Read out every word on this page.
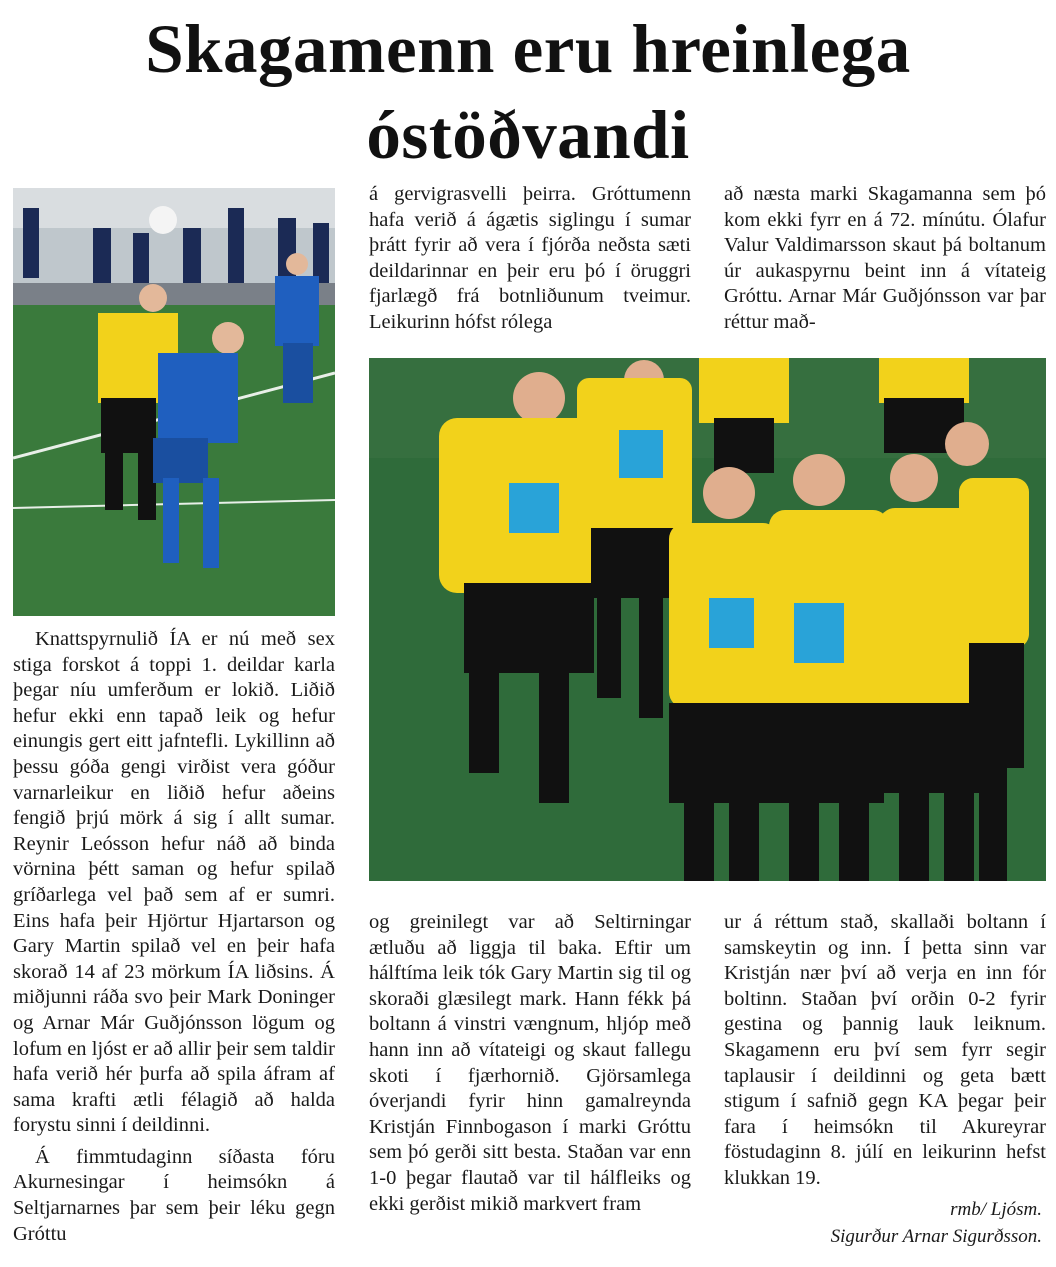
Skagamenn eru hreinlega
óstöðvandi

á gervigrasvelli þeirra. Gróttumenn hafa verið á ágætis siglingu í sumar þrátt fyrir að vera í fjórða neðsta sæti deildarinnar en þeir eru þó í öruggri fjarlægð frá botnliðunum tveimur. Leikurinn hófst rólega

að næsta marki Skagamanna sem þó kom ekki fyrr en á 72. mínútu. Ólafur Valur Valdimarsson skaut þá boltanum úr aukaspyrnu beint inn á vítateig Gróttu. Arnar Már Guðjónsson var þar réttur mað-

Knattspyrnulið ÍA er nú með sex stiga forskot á toppi 1. deildar karla þegar níu umferðum er lokið. Liðið hefur ekki enn tapað leik og hefur einungis gert eitt jafntefli. Lykillinn að þessu góða gengi virðist vera góður varnarleikur en liðið hefur aðeins fengið þrjú mörk á sig í allt sumar. Reynir Leósson hefur náð að binda vörnina þétt saman og hefur spilað gríðarlega vel það sem af er sumri. Eins hafa þeir Hjörtur Hjartarson og Gary Martin spilað vel en þeir hafa skorað 14 af 23 mörkum ÍA liðsins. Á miðjunni ráða svo þeir Mark Doninger og Arnar Már Guðjónsson lögum og lofum en ljóst er að allir þeir sem taldir hafa verið hér þurfa að spila áfram af sama krafti ætli félagið að halda forystu sinni í deildinni.

Á fimmtudaginn síðasta fóru Akurnesingar í heimsókn á Seltjarnarnes þar sem þeir léku gegn Gróttu

og greinilegt var að Seltirningar ætluðu að liggja til baka. Eftir um hálftíma leik tók Gary Martin sig til og skoraði glæsilegt mark. Hann fékk þá boltann á vinstri vængnum, hljóp með hann inn að vítateigi og skaut fallegu skoti í fjærhornið. Gjörsamlega óverjandi fyrir hinn gamalreynda Kristján Finnbogason í marki Gróttu sem þó gerði sitt besta. Staðan var enn 1-0 þegar flautað var til hálfleiks og ekki gerðist mikið markvert fram

ur á réttum stað, skallaði boltann í samskeytin og inn. Í þetta sinn var Kristján nær því að verja en inn fór boltinn. Staðan því orðin 0-2 fyrir gestina og þannig lauk leiknum. Skagamenn eru því sem fyrr segir taplausir í deildinni og geta bætt stigum í safnið gegn KA þegar þeir fara í heimsókn til Akureyrar föstudaginn 8. júlí en leikurinn hefst klukkan 19.

rmb/ Ljósm.
Sigurður Arnar Sigurðsson.
